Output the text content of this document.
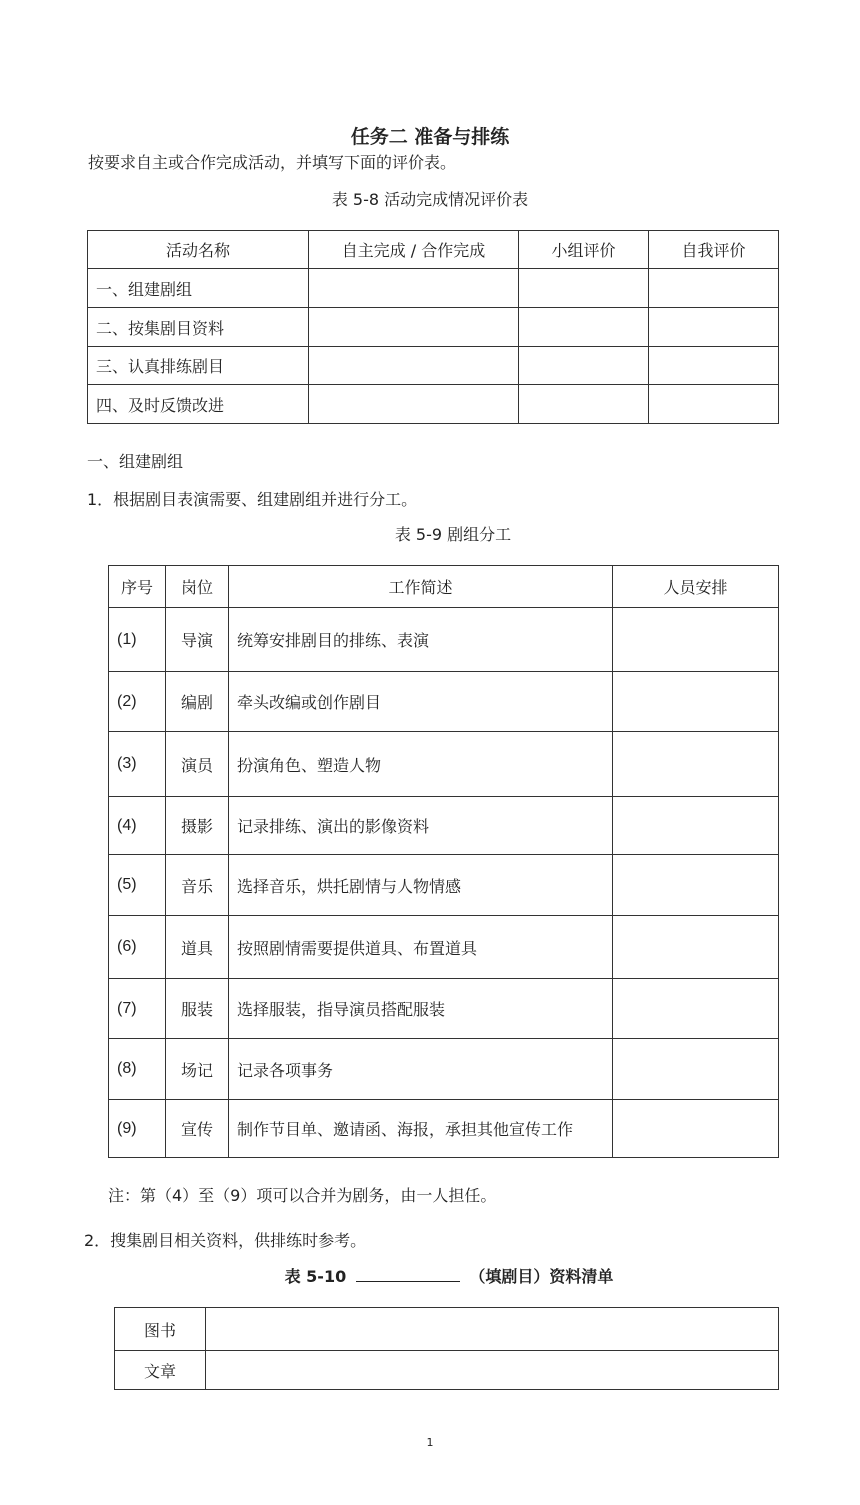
任务二 准备与排练
按要求自主或合作完成活动，并填写下面的评价表。
表 5-8 活动完成情况评价表
活动名称	自主完成 / 合作完成	小组评价	自我评价
一、组建剧组			
二、按集剧目资料			
三、认真排练剧目			
四、及时反馈改进			
一、组建剧组
1．根据剧目表演需要、组建剧组并进行分工。
表 5-9 剧组分工
序号	岗位	工作简述	人员安排
(1)	导演	统筹安排剧目的排练、表演	
(2)	编剧	牵头改编或创作剧目	
(3)	演员	扮演角色、塑造人物	
(4)	摄影	记录排练、演出的影像资料	
(5)	音乐	选择音乐，烘托剧情与人物情感	
(6)	道具	按照剧情需要提供道具、布置道具	
(7)	服装	选择服装，指导演员搭配服装	
(8)	场记	记录各项事务	
(9)	宣传	制作节目单、邀请函、海报，承担其他宣传工作	
注：第（4）至（9）项可以合并为剧务，由一人担任。
2．搜集剧目相关资料，供排练时参考。
表 5-10	（填剧目）资料清单
图书	
文章	
1
